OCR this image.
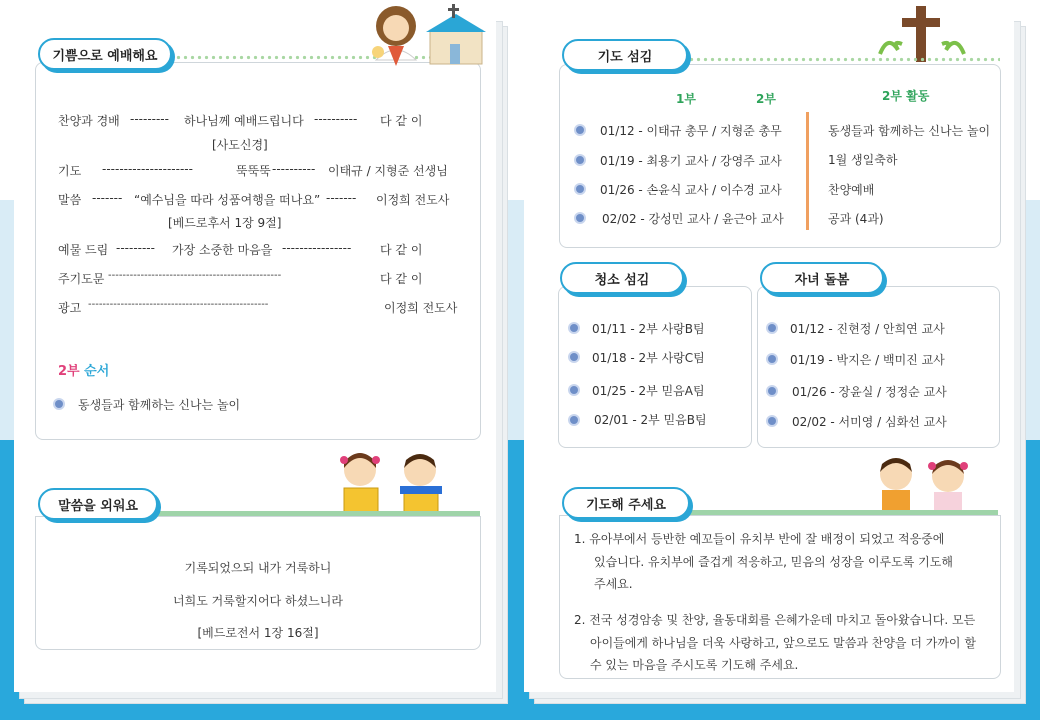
기쁨으로 예배해요
찬양과 경배 --------- 하나님께 예배드립니다 ---------- 다 같 이
[사도신경]
기도 ---------------------	뚝뚝뚝 ---------- 이태규 / 지형준 선생님
말씀 ------- “예수님을 따라 성품여행을 떠나요” ------- 이정희 전도사
[베드로후서 1장 9절]
예물 드림 --------- 가장 소중한 마음을 ---------------- 다 같 이
주기도문 ------------------------------------------------	다 같 이
광고 --------------------------------------------------	이정희 전도사
2부 순서
동생들과 함께하는 신나는 놀이
말씀을 외워요
기록되었으되 내가 거룩하니
너희도 거룩할지어다 하셨느니라
[베드로전서 1장 16절]
기도 섬김
1부	2부	2부 활동
01/12 - 이태규 총무 / 지형준 총무	동생들과 함께하는 신나는 놀이
01/19 - 최용기 교사 / 강영주 교사	1월 생일축하
01/26 - 손윤식 교사 / 이수경 교사	찬양예배
02/02 - 강성민 교사 / 윤근아 교사	공과 (4과)
청소 섬김
01/11 - 2부 사랑B팀
01/18 - 2부 사랑C팀
01/25 - 2부 믿음A팀
02/01 - 2부 믿음B팀
자녀 돌봄
01/12 - 진현정 / 안희연 교사
01/19 - 박지은 / 백미진 교사
01/26 - 장윤실 / 정정순 교사
02/02 - 서미영 / 심화선 교사
기도해 주세요
1. 유아부에서 등반한 예꼬들이 유치부 반에 잘 배정이 되었고 적응중에
있습니다. 유치부에 즐겁게 적응하고, 믿음의 성장을 이루도록 기도해
주세요.
2. 전국 성경암송 및 찬양, 율동대회를 은혜가운데 마치고 돌아왔습니다. 모든
아이들에게 하나님을 더욱 사랑하고, 앞으로도 말씀과 찬양을 더 가까이 할
수 있는 마음을 주시도록 기도해 주세요.
